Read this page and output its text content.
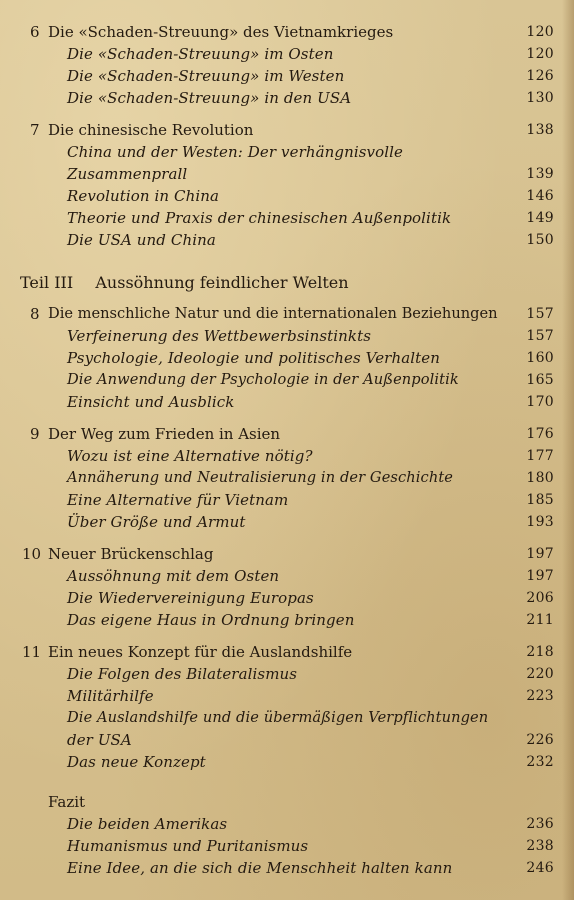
6 Die «Schaden-Streuung» des Vietnamkrieges	120
Die «Schaden-Streuung» im Osten	120
Die «Schaden-Streuung» im Westen	126
Die «Schaden-Streuung» in den USA	130
7 Die chinesische Revolution	138
China und der Westen: Der verhängnisvolle
Zusammenprall	139
Revolution in China	146
Theorie und Praxis der chinesischen Außenpolitik	149
Die USA und China	150
Teil III Aussöhnung feindlicher Welten
8 Die menschliche Natur und die internationalen Beziehungen 157
Verfeinerung des Wettbewerbsinstinkts	157
Psychologie, Ideologie und politisches Verhalten	160
Die Anwendung der Psychologie in der Außenpolitik	165
Einsicht und Ausblick	170
9 Der Weg zum Frieden in Asien	176
Wozu ist eine Alternative nötig?	177
Annäherung und Neutralisierung in der Geschichte	180
Eine Alternative für Vietnam	185
Über Größe und Armut	193
10 Neuer Brückenschlag	197
Aussöhnung mit dem Osten	197
Die Wiedervereinigung Europas	206
Das eigene Haus in Ordnung bringen	211
11 Ein neues Konzept für die Auslandshilfe	218
Die Folgen des Bilateralismus	220
Militärhilfe	223
Die Auslandshilfe und die übermäßigen Verpflichtungen
der USA	226
Das neue Konzept	232
Fazit
Die beiden Amerikas	236
Humanismus und Puritanismus	238
Eine Idee, an die sich die Menschheit halten kann	246
